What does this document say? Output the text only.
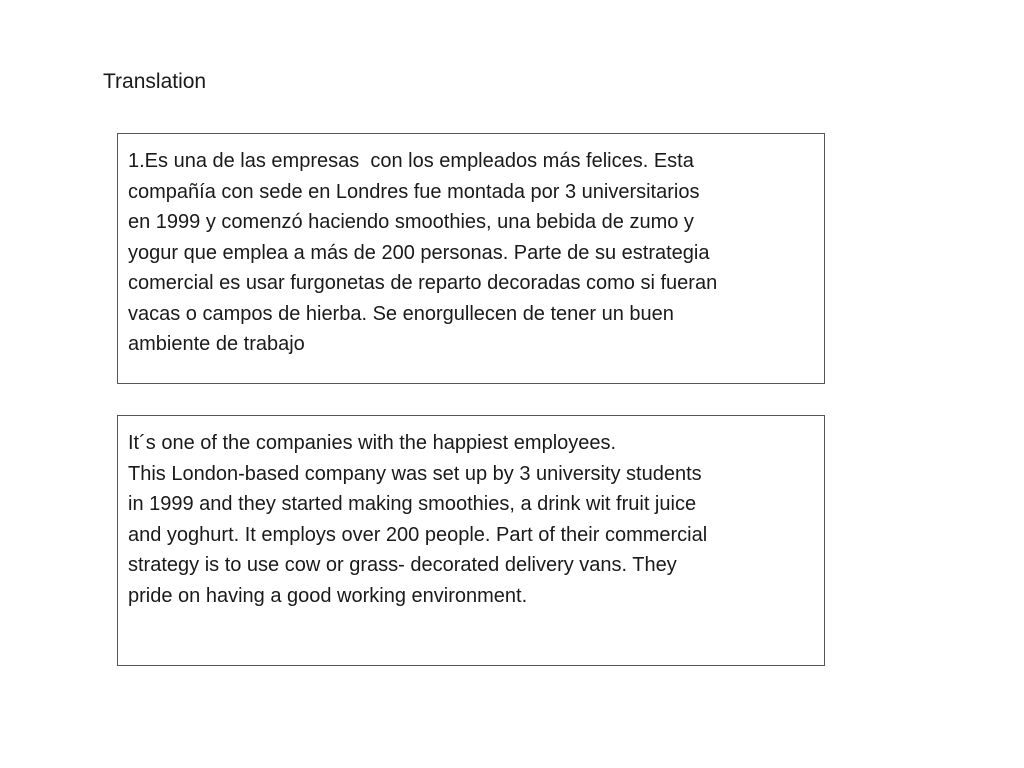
Translation
1.Es una de las empresas  con los empleados más felices. Esta
compañía con sede en Londres fue montada por 3 universitarios
en 1999 y comenzó haciendo smoothies, una bebida de zumo y
yogur que emplea a más de 200 personas. Parte de su estrategia
comercial es usar furgonetas de reparto decoradas como si fueran
vacas o campos de hierba. Se enorgullecen de tener un buen
ambiente de trabajo
It´s one of the companies with the happiest employees.
This London-based company was set up by 3 university students
in 1999 and they started making smoothies, a drink wit fruit juice
and yoghurt. It employs over 200 people. Part of their commercial
strategy is to use cow or grass- decorated delivery vans. They
pride on having a good working environment.
